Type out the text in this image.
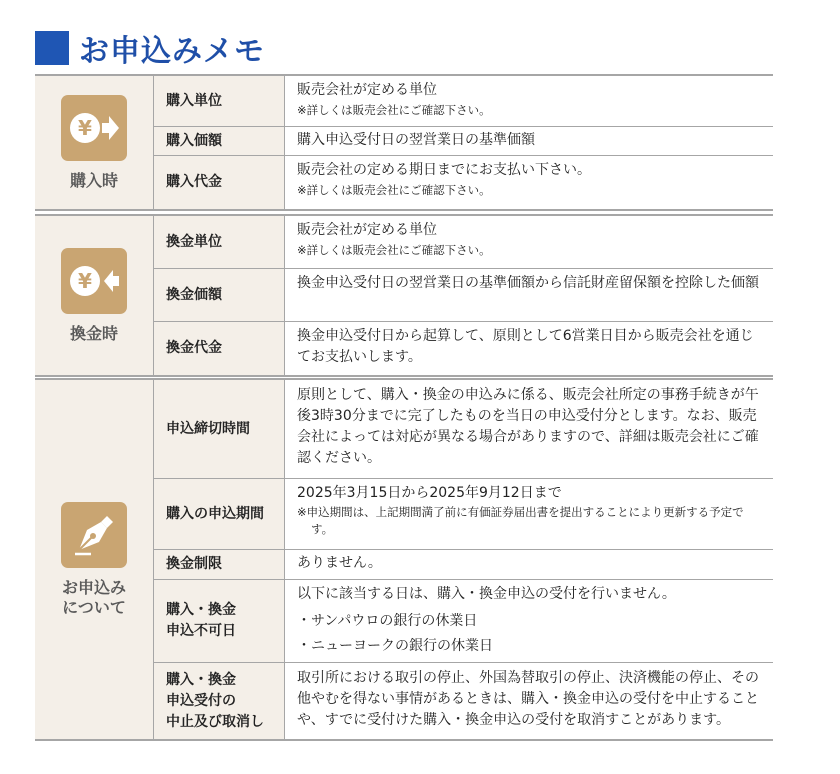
お申込みメモ
¥
購入時
購入単位
販売会社が定める単位
※詳しくは販売会社にご確認下さい。
購入価額	購入申込受付日の翌営業日の基準価額
購入代金
販売会社の定める期日までにお支払い下さい。
※詳しくは販売会社にご確認下さい。
¥
換金時
換金単位
販売会社が定める単位
※詳しくは販売会社にご確認下さい。
換金価額
換金申込受付日の翌営業日の基準価額から信託財産留保額を控除した価額
換金代金
換金申込受付日から起算して、原則として6営業日目から販売会社を通じてお支払いします。
お申込み
について
申込締切時間
原則として、購入・換金の申込みに係る、販売会社所定の事務手続きが午後3時30分までに完了したものを当日の申込受付分とします。なお、販売会社によっては対応が異なる場合がありますので、詳細は販売会社にご確認ください。
購入の申込期間
2025年3月15日から2025年9月12日まで
※申込期間は、上記期間満了前に有価証券届出書を提出することにより更新する予定です。
換金制限	ありません。
購入・換金
申込不可日
以下に該当する日は、購入・換金申込の受付を行いません。
・サンパウロの銀行の休業日
・ニューヨークの銀行の休業日
購入・換金
申込受付の
中止及び取消し
取引所における取引の停止、外国為替取引の停止、決済機能の停止、その他やむを得ない事情があるときは、購入・換金申込の受付を中止することや、すでに受付けた購入・換金申込の受付を取消すことがあります。
